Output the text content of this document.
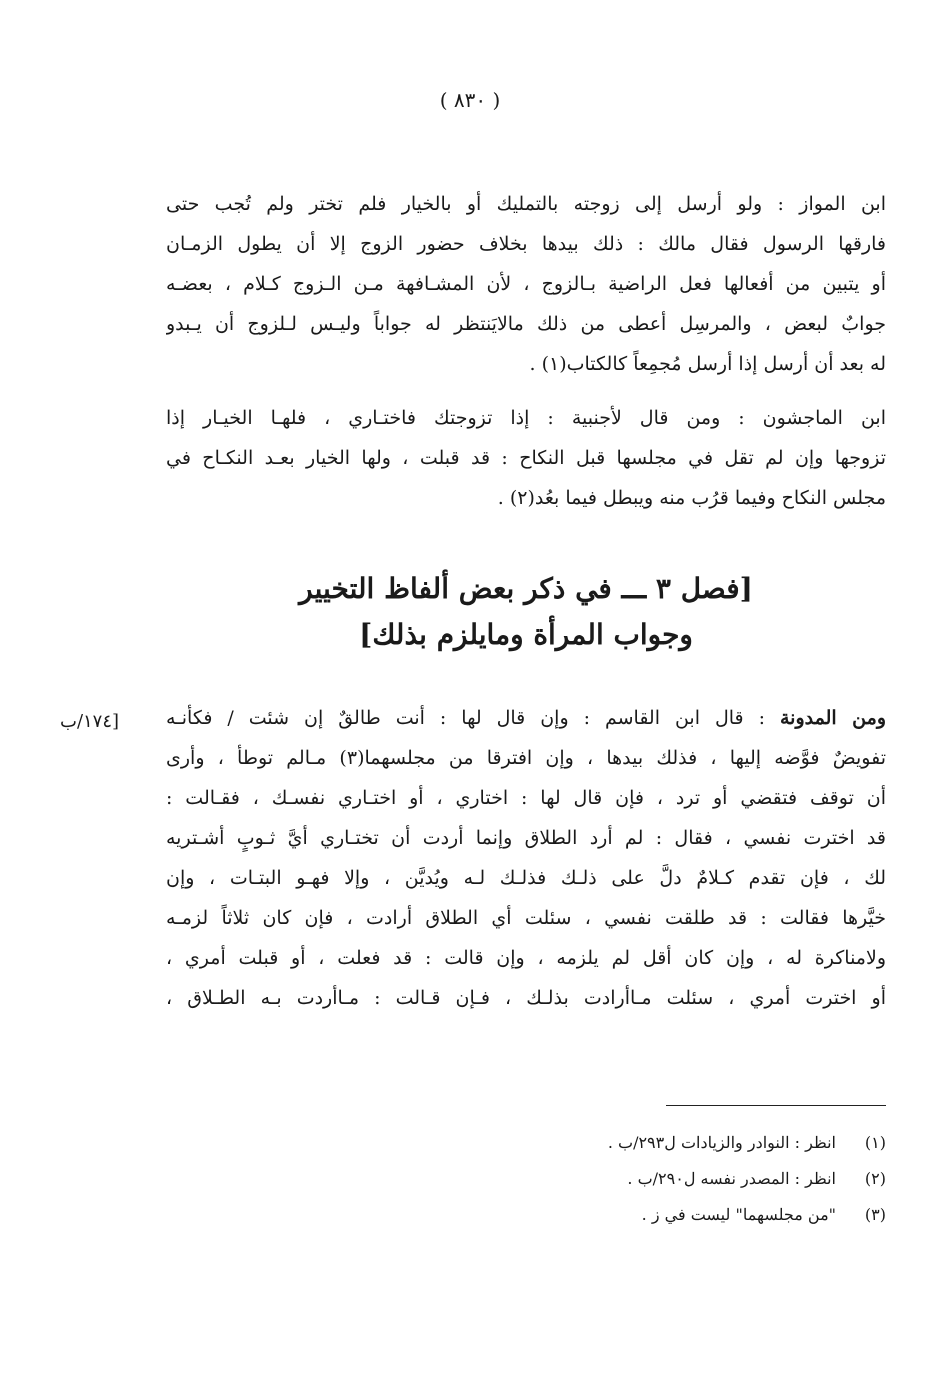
( ٨٣٠ )
ابن المواز : ولو أرسل إلى زوجته بالتمليك أو بالخيار فلم تختر ولم تُجب حتى
فارقها الرسول فقال مالك : ذلك بيدها بخلاف حضور الزوج إلا أن يطول الزمـان
أو يتبين من أفعالها فعل الراضية بـالزوج ، لأن المشـافهة مـن الـزوج كـلام ، بعضـه
جوابٌ لبعض ، والمرسِل أعطى من ذلك مالايَنتظر له جواباً وليـس لـلزوج أن يـبدو
له بعد أن أرسل إذا أرسل مُجمِعاً كالكتاب(١) .
ابن الماجشون : ومن قال لأجنبية : إذا تزوجتك فاختـاري ، فلهـا الخيـار إذا
تزوجها وإن لم تقل في مجلسها قبل النكاح : قد قبلت ، ولها الخيار بعـد النكـاح في
مجلس النكاح وفيما قرُب منه ويبطل فيما بعُد(٢) .
[فصل ٣ ـــ في ذكر بعض ألفاظ التخيير
وجواب المرأة ومايلزم بذلك]
[١٧٤/ب	ومن المدونة : قال ابن القاسم : وإن قال لها : أنت طالقٌ إن شئت / فكأنـه
تفويضٌ فوَّضه إليها ، فذلك بيدها ، وإن افترقا من مجلسهما(٣) مـالم توطأ ، وأرى
أن توقف فتقضي أو ترد ، فإن قال لها : اختاري ، أو اختـاري نفسـك ، فقـالت :
قد اخترت نفسي ، فقال : لم أرد الطلاق وإنما أردت أن تختـاري أيَّ ثـوبٍ أشـتريه
لك ، فإن تقدم كـلامٌ دلَّ على ذلـك فذلـك لـه ويُديَّن ، وإلا فهـو البتـات ، وإن
خيَّرها فقالت : قد طلقت نفسي ، سئلت أي الطلاق أرادت ، فإن كان ثلاثاً لزمـه
ولامناكرة له ، وإن كان أقل لم يلزمه ، وإن قالت : قد فعلت ، أو قبلت أمري ،
أو اخترت أمري ، سئلت مـاأرادت بذلـك ، فـإن قـالت : مـاأردت بـه الطـلاق ،
(١)
انظر : النوادر والزيادات ل٢٩٣/ب .
(٢)
انظر : المصدر نفسه ل٢٩٠/ب .
(٣)
"من مجلسهما" ليست في ز .
